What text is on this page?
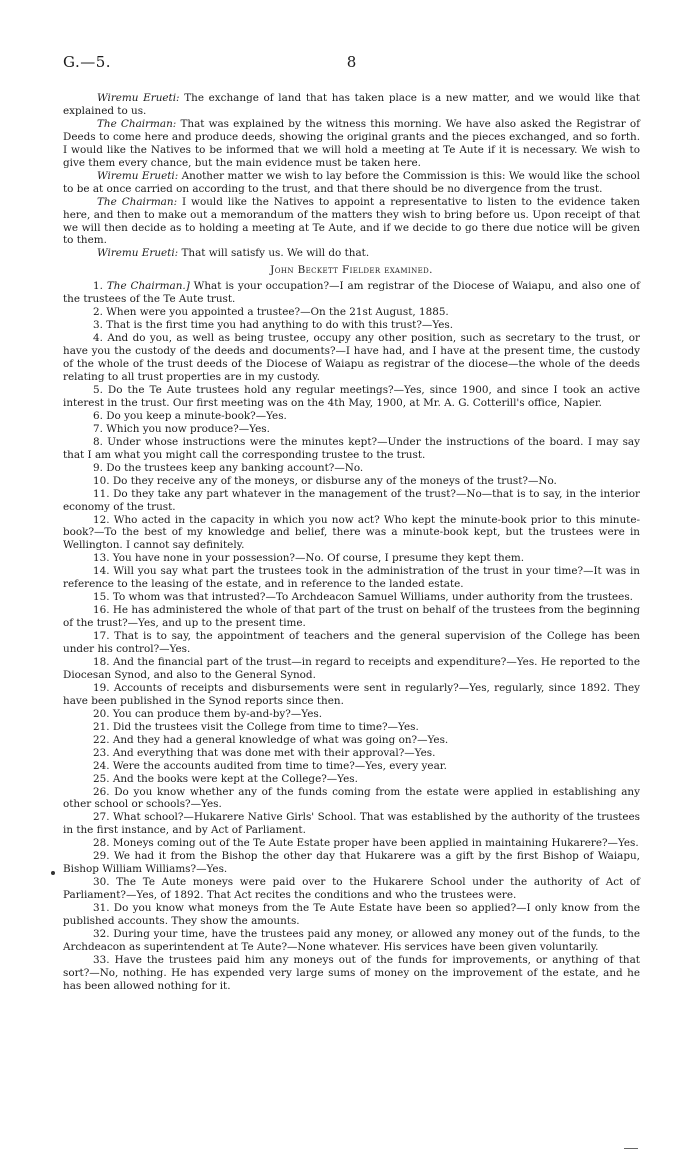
G.—5.	8

Wiremu Erueti: The exchange of land that has taken place is a new matter, and we would like that explained to us.

The Chairman: That was explained by the witness this morning. We have also asked the Registrar of Deeds to come here and produce deeds, showing the original grants and the pieces exchanged, and so forth. I would like the Natives to be informed that we will hold a meeting at Te Aute if it is necessary. We wish to give them every chance, but the main evidence must be taken here.

Wiremu Erueti: Another matter we wish to lay before the Commission is this: We would like the school to be at once carried on according to the trust, and that there should be no divergence from the trust.

The Chairman: I would like the Natives to appoint a representative to listen to the evidence taken here, and then to make out a memorandum of the matters they wish to bring before us. Upon receipt of that we will then decide as to holding a meeting at Te Aute, and if we decide to go there due notice will be given to them.

Wiremu Erueti: That will satisfy us. We will do that.

John Beckett Fielder examined.

1. The Chairman.] What is your occupation?—I am registrar of the Diocese of Waiapu, and also one of the trustees of the Te Aute trust.

2. When were you appointed a trustee?—On the 21st August, 1885.

3. That is the first time you had anything to do with this trust?—Yes.

4. And do you, as well as being trustee, occupy any other position, such as secretary to the trust, or have you the custody of the deeds and documents?—I have had, and I have at the present time, the custody of the whole of the trust deeds of the Diocese of Waiapu as registrar of the diocese—the whole of the deeds relating to all trust properties are in my custody.

5. Do the Te Aute trustees hold any regular meetings?—Yes, since 1900, and since I took an active interest in the trust. Our first meeting was on the 4th May, 1900, at Mr. A. G. Cotterill's office, Napier.

6. Do you keep a minute-book?—Yes.

7. Which you now produce?—Yes.

8. Under whose instructions were the minutes kept?—Under the instructions of the board. I may say that I am what you might call the corresponding trustee to the trust.

9. Do the trustees keep any banking account?—No.

10. Do they receive any of the moneys, or disburse any of the moneys of the trust?—No.

11. Do they take any part whatever in the management of the trust?—No—that is to say, in the interior economy of the trust.

12. Who acted in the capacity in which you now act? Who kept the minute-book prior to this minute-book?—To the best of my knowledge and belief, there was a minute-book kept, but the trustees were in Wellington. I cannot say definitely.

13. You have none in your possession?—No. Of course, I presume they kept them.

14. Will you say what part the trustees took in the administration of the trust in your time?—It was in reference to the leasing of the estate, and in reference to the landed estate.

15. To whom was that intrusted?—To Archdeacon Samuel Williams, under authority from the trustees.

16. He has administered the whole of that part of the trust on behalf of the trustees from the beginning of the trust?—Yes, and up to the present time.

17. That is to say, the appointment of teachers and the general supervision of the College has been under his control?—Yes.

18. And the financial part of the trust—in regard to receipts and expenditure?—Yes. He reported to the Diocesan Synod, and also to the General Synod.

19. Accounts of receipts and disbursements were sent in regularly?—Yes, regularly, since 1892. They have been published in the Synod reports since then.

20. You can produce them by-and-by?—Yes.

21. Did the trustees visit the College from time to time?—Yes.

22. And they had a general knowledge of what was going on?—Yes.

23. And everything that was done met with their approval?—Yes.

24. Were the accounts audited from time to time?—Yes, every year.

25. And the books were kept at the College?—Yes.

26. Do you know whether any of the funds coming from the estate were applied in establishing any other school or schools?—Yes.

27. What school?—Hukarere Native Girls' School. That was established by the authority of the trustees in the first instance, and by Act of Parliament.

28. Moneys coming out of the Te Aute Estate proper have been applied in maintaining Hukarere?—Yes.

29. We had it from the Bishop the other day that Hukarere was a gift by the first Bishop of Waiapu, Bishop William Williams?—Yes.

30. The Te Aute moneys were paid over to the Hukarere School under the authority of Act of Parliament?—Yes, of 1892. That Act recites the conditions and who the trustees were.

31. Do you know what moneys from the Te Aute Estate have been so applied?—I only know from the published accounts. They show the amounts.

32. During your time, have the trustees paid any money, or allowed any money out of the funds, to the Archdeacon as superintendent at Te Aute?—None whatever. His services have been given voluntarily.

33. Have the trustees paid him any moneys out of the funds for improvements, or anything of that sort?—No, nothing. He has expended very large sums of money on the improvement of the estate, and he has been allowed nothing for it.
